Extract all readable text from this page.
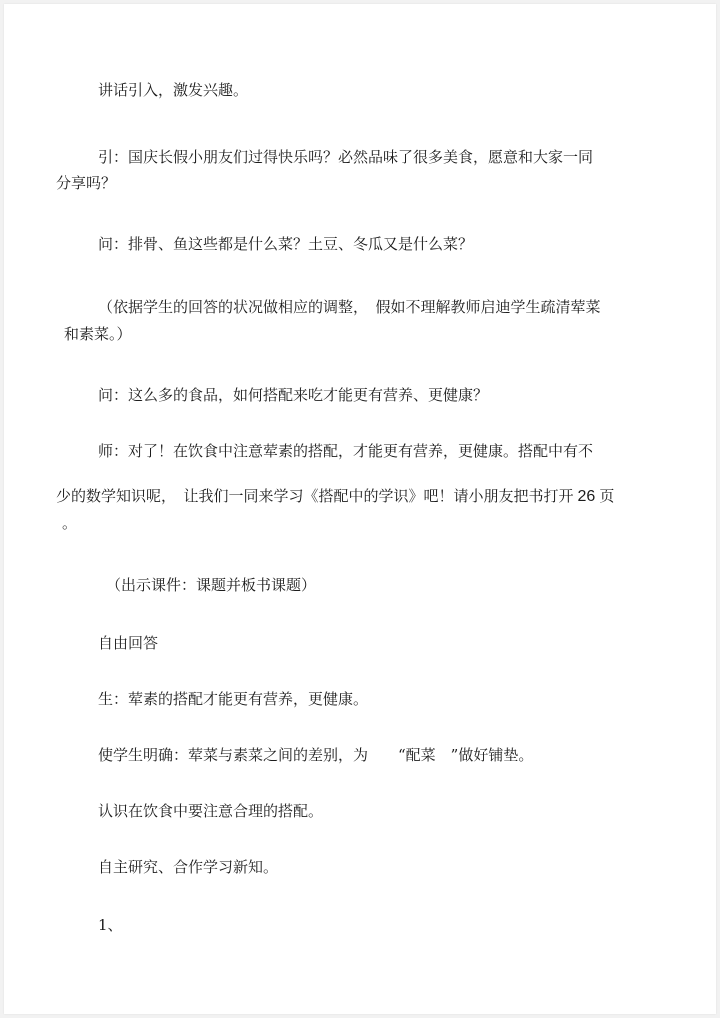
讲话引入，激发兴趣。
引：国庆长假小朋友们过得快乐吗？必然品味了很多美食，愿意和大家一同
分享吗？
问：排骨、鱼这些都是什么菜？土豆、冬瓜又是什么菜？
（依据学生的回答的状况做相应的调整，　假如不理解教师启迪学生疏清荤菜
和素菜。）
问：这么多的食品，如何搭配来吃才能更有营养、更健康？
师：对了！在饮食中注意荤素的搭配，才能更有营养，更健康。搭配中有不
少的数学知识呢，　让我们一同来学习《搭配中的学识》吧！请小朋友把书打开 26 页
。
（出示课件：课题并板书课题）
自由回答
生：荤素的搭配才能更有营养，更健康。
使学生明确：荤菜与素菜之间的差别，为　　“配菜　”做好铺垫。
认识在饮食中要注意合理的搭配。
自主研究、合作学习新知。
1、
